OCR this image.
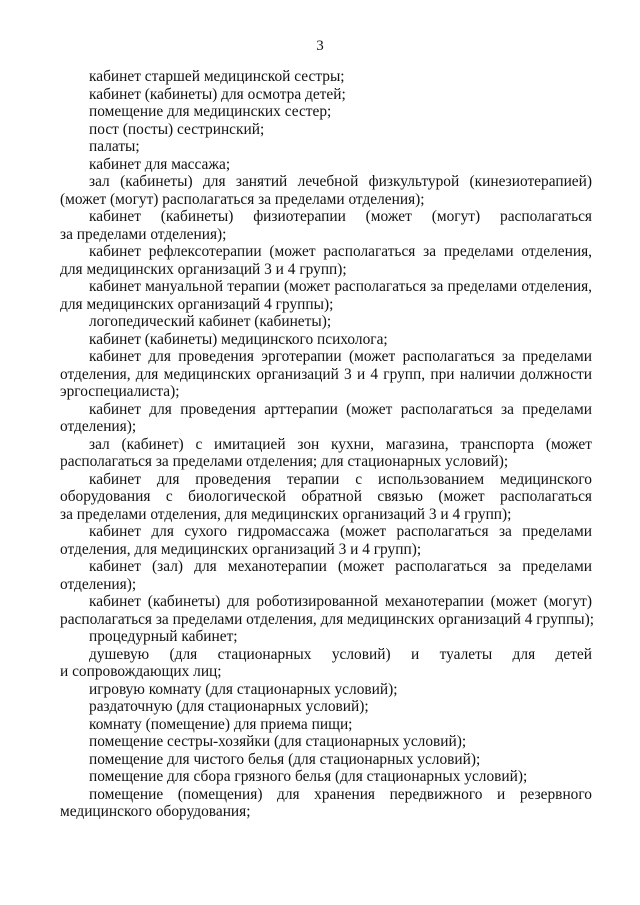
3
кабинет старшей медицинской сестры;
кабинет (кабинеты) для осмотра детей;
помещение для медицинских сестер;
пост (посты) сестринский;
палаты;
кабинет для массажа;
зал (кабинеты) для занятий лечебной физкультурой (кинезиотерапией)
(может (могут) располагаться за пределами отделения);
кабинет (кабинеты) физиотерапии (может (могут) располагаться
за пределами отделения);
кабинет рефлексотерапии (может располагаться за пределами отделения,
для медицинских организаций 3 и 4 групп);
кабинет мануальной терапии (может располагаться за пределами отделения,
для медицинских организаций 4 группы);
логопедический кабинет (кабинеты);
кабинет (кабинеты) медицинского психолога;
кабинет для проведения эрготерапии (может располагаться за пределами
отделения, для медицинских организаций 3 и 4 групп, при наличии должности
эргоспециалиста);
кабинет для проведения арттерапии (может располагаться за пределами
отделения);
зал (кабинет) с имитацией зон кухни, магазина, транспорта (может
располагаться за пределами отделения; для стационарных условий);
кабинет для проведения терапии с использованием медицинского
оборудования с биологической обратной связью (может располагаться
за пределами отделения, для медицинских организаций 3 и 4 групп);
кабинет для сухого гидромассажа (может располагаться за пределами
отделения, для медицинских организаций 3 и 4 групп);
кабинет (зал) для механотерапии (может располагаться за пределами
отделения);
кабинет (кабинеты) для роботизированной механотерапии (может (могут)
располагаться за пределами отделения, для медицинских организаций 4 группы);
процедурный кабинет;
душевую (для стационарных условий) и туалеты для детей
и сопровождающих лиц;
игровую комнату (для стационарных условий);
раздаточную (для стационарных условий);
комнату (помещение) для приема пищи;
помещение сестры-хозяйки (для стационарных условий);
помещение для чистого белья (для стационарных условий);
помещение для сбора грязного белья (для стационарных условий);
помещение (помещения) для хранения передвижного и резервного
медицинского оборудования;
